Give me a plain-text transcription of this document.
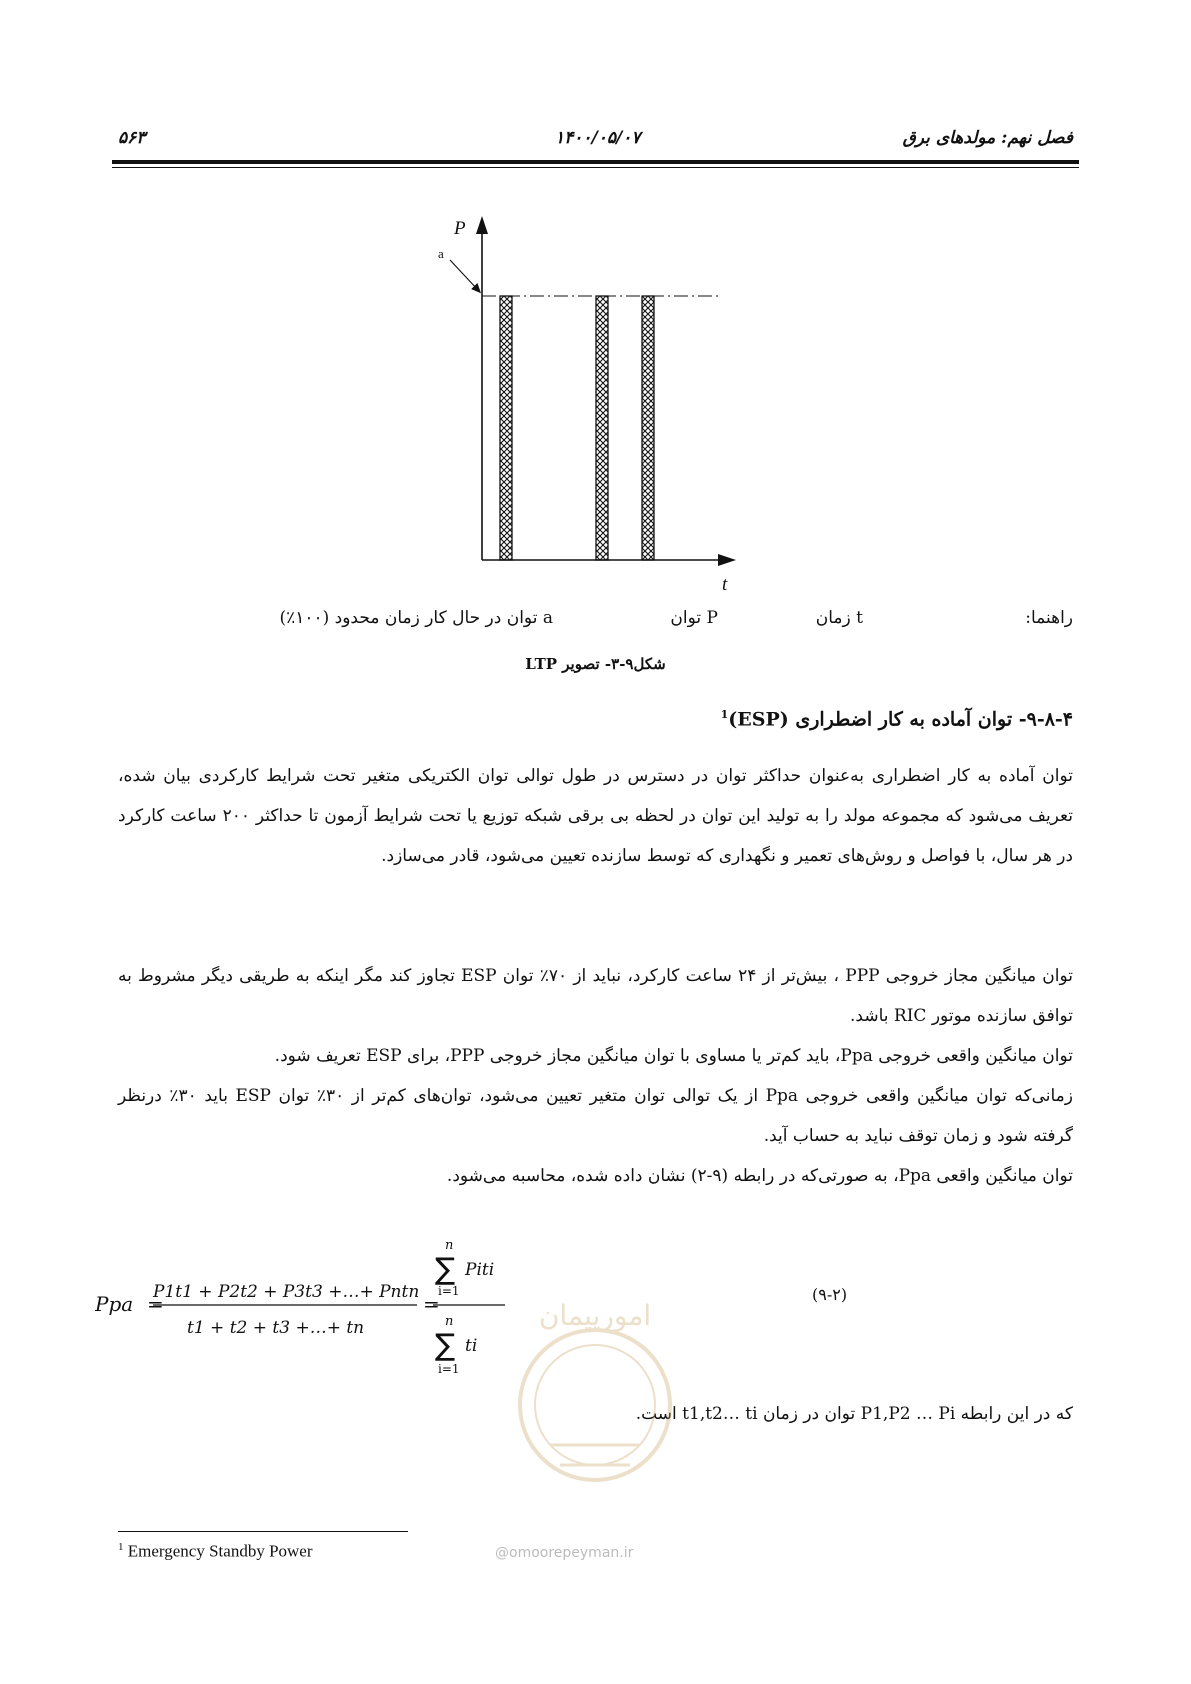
فصل نهم: مولدهای برق
۱۴۰۰/۰۵/۰۷
۵۶۳
a
P
t
راهنما:
t زمان
P توان
a توان در حال کار زمان محدود (۱۰۰٪)
شکل۹-۳- تصویر LTP
۹-۸-۴- توان آماده به کار اضطراری (ESP)$^1$

توان آماده به کار اضطراری به‌عنوان حداکثر توان در دسترس در طول توالی توان الکتریکی متغیر تحت شرایط کارکردی بیان شده، تعریف می‌شود که مجموعه مولد را به تولید این توان در لحظه بی برقی شبکه توزیع یا تحت شرایط آزمون تا حداکثر ۲۰۰ ساعت کارکرد در هر سال، با فواصل و روش‌های تعمیر و نگهداری که توسط سازنده تعیین می‌شود، قادر می‌سازد.

توان میانگین مجاز خروجی PPP ، بیش‌تر از ۲۴ ساعت کارکرد، نباید از ۷۰٪ توان ESP تجاوز کند مگر اینکه به طریقی دیگر مشروط به توافق سازنده موتور RIC باشد.

توان میانگین واقعی خروجی Ppa، باید کم‌تر یا مساوی با توان میانگین مجاز خروجی PPP، برای ESP تعریف شود.

زمانی‌که توان میانگین واقعی خروجی Ppa از یک توالی توان متغیر تعیین می‌شود، توان‌های کم‌تر از ۳۰٪ توان ESP باید ۳۰٪ درنظر گرفته شود و زمان توقف نباید به حساب آید.

توان میانگین واقعی Ppa، به صورتی‌که در رابطه (۹-۲) نشان داده شده، محاسبه می‌شود.

Ppa =
P1t1 + P2t2 + P3t3 +…+ Pntn
t1 + t2 + t3 +…+ tn
=
n
∑
i=1
Piti
n
∑
i=1
ti
(۹-۲)

که در این رابطه P1,P2 … Pi توان در زمان t1,t2… ti است.

امورپیمان
@omoorepeyman.ir
$^1$ Emergency Standby Power
